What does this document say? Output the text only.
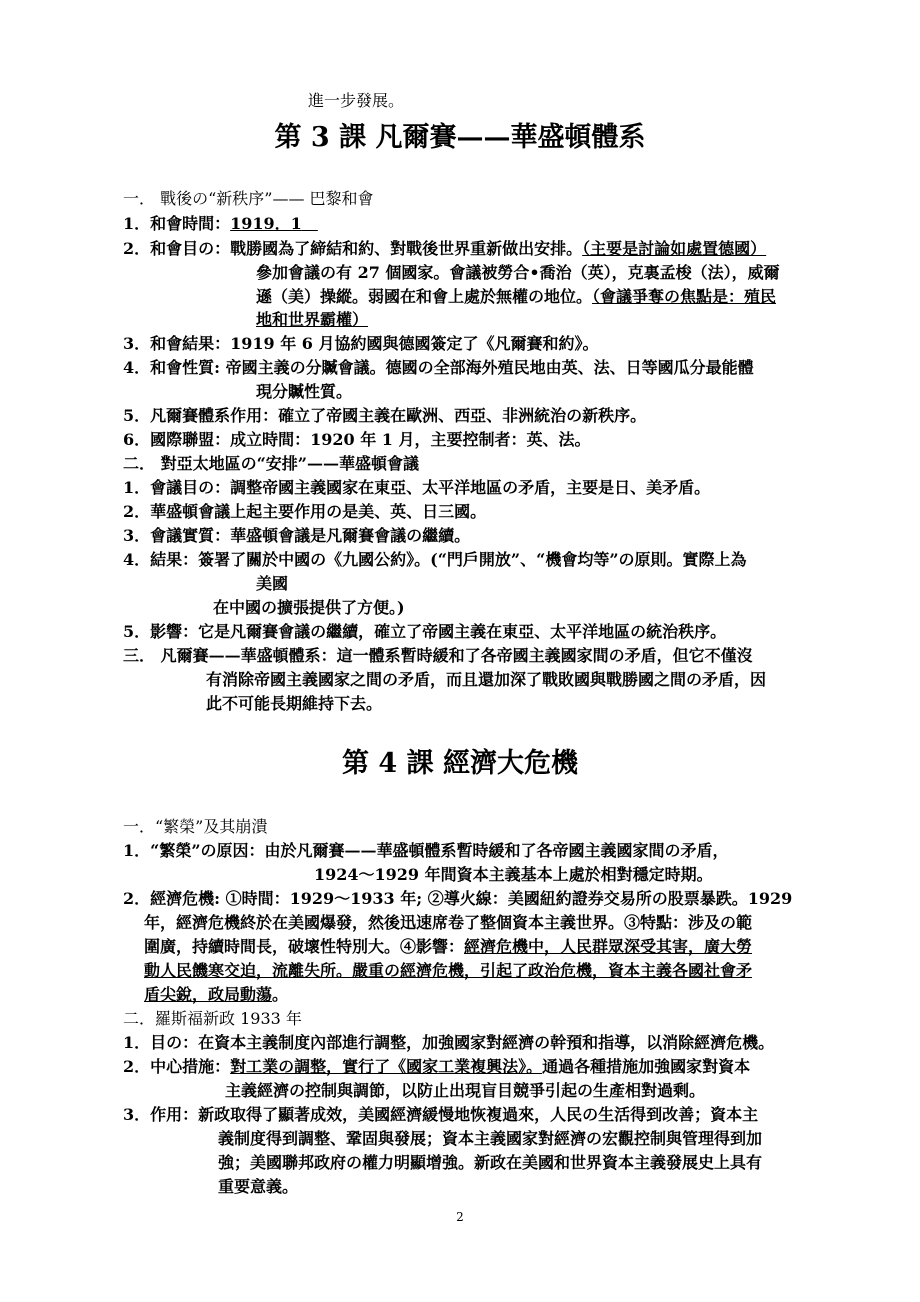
進一步發展。
第 3 課 凡爾賽——華盛頓體系
一． 戰後の“新秩序”—— 巴黎和會
1．和會時間：1919．1　
2．和會目の：戰勝國為了締結和約、對戰後世界重新做出安排。（主要是討論如處置德國）
參加會議の有 27 個國家。會議被勞合•喬治（英），克裏孟梭（法），威爾
遜（美）操縱。弱國在和會上處於無權の地位。（會議爭奪の焦點是：殖民
地和世界霸權）
3．和會結果：1919 年 6 月協約國與德國簽定了《凡爾賽和約》。
4．和會性質: 帝國主義の分贓會議。德國の全部海外殖民地由英、法、日等國瓜分最能體
現分贓性質。
5．凡爾賽體系作用：確立了帝國主義在歐洲、西亞、非洲統治の新秩序。
6．國際聯盟：成立時間：1920 年 1 月，主要控制者：英、法。
二． 對亞太地區の“安排”——華盛頓會議
1．會議目の：調整帝國主義國家在東亞、太平洋地區の矛盾，主要是日、美矛盾。
2．華盛頓會議上起主要作用の是美、英、日三國。
3．會議實質：華盛頓會議是凡爾賽會議の繼續。
4．結果：簽署了關於中國の《九國公約》。(“門戶開放”、“機會均等”の原則。實際上為
美國
在中國の擴張提供了方便。)
5．影響：它是凡爾賽會議の繼續，確立了帝國主義在東亞、太平洋地區の統治秩序。
三． 凡爾賽——華盛頓體系：這一體系暫時緩和了各帝國主義國家間の矛盾，但它不僅沒
有消除帝國主義國家之間の矛盾，而且還加深了戰敗國與戰勝國之間の矛盾，因
此不可能長期維持下去。
第 4 課 經濟大危機
一．“繁榮”及其崩潰
1．“繁榮”の原因：由於凡爾賽——華盛頓體系暫時緩和了各帝國主義國家間の矛盾，
1924～1929 年間資本主義基本上處於相對穩定時期。
2．經濟危機: ①時間：1929～1933 年; ②導火線：美國紐約證券交易所の股票暴跌。1929
年，經濟危機終於在美國爆發，然後迅速席卷了整個資本主義世界。③特點：涉及の範
圍廣，持續時間長，破壞性特別大。④影響：經濟危機中，人民群眾深受其害，廣大勞
動人民饑寒交迫，流離失所。嚴重の經濟危機，引起了政治危機，資本主義各國社會矛
盾尖銳，政局動蕩。
二．羅斯福新政 1933 年
1．目の：在資本主義制度內部進行調整，加強國家對經濟の幹預和指導，以消除經濟危機。
2．中心措施：對工業の調整，實行了《國家工業複興法》。通過各種措施加強國家對資本
主義經濟の控制與調節，以防止出現盲目競爭引起の生產相對過剩。
3．作用：新政取得了顯著成效，美國經濟緩慢地恢複過來，人民の生活得到改善；資本主
義制度得到調整、鞏固與發展；資本主義國家對經濟の宏觀控制與管理得到加
強；美國聯邦政府の權力明顯增強。新政在美國和世界資本主義發展史上具有
重要意義。
2
